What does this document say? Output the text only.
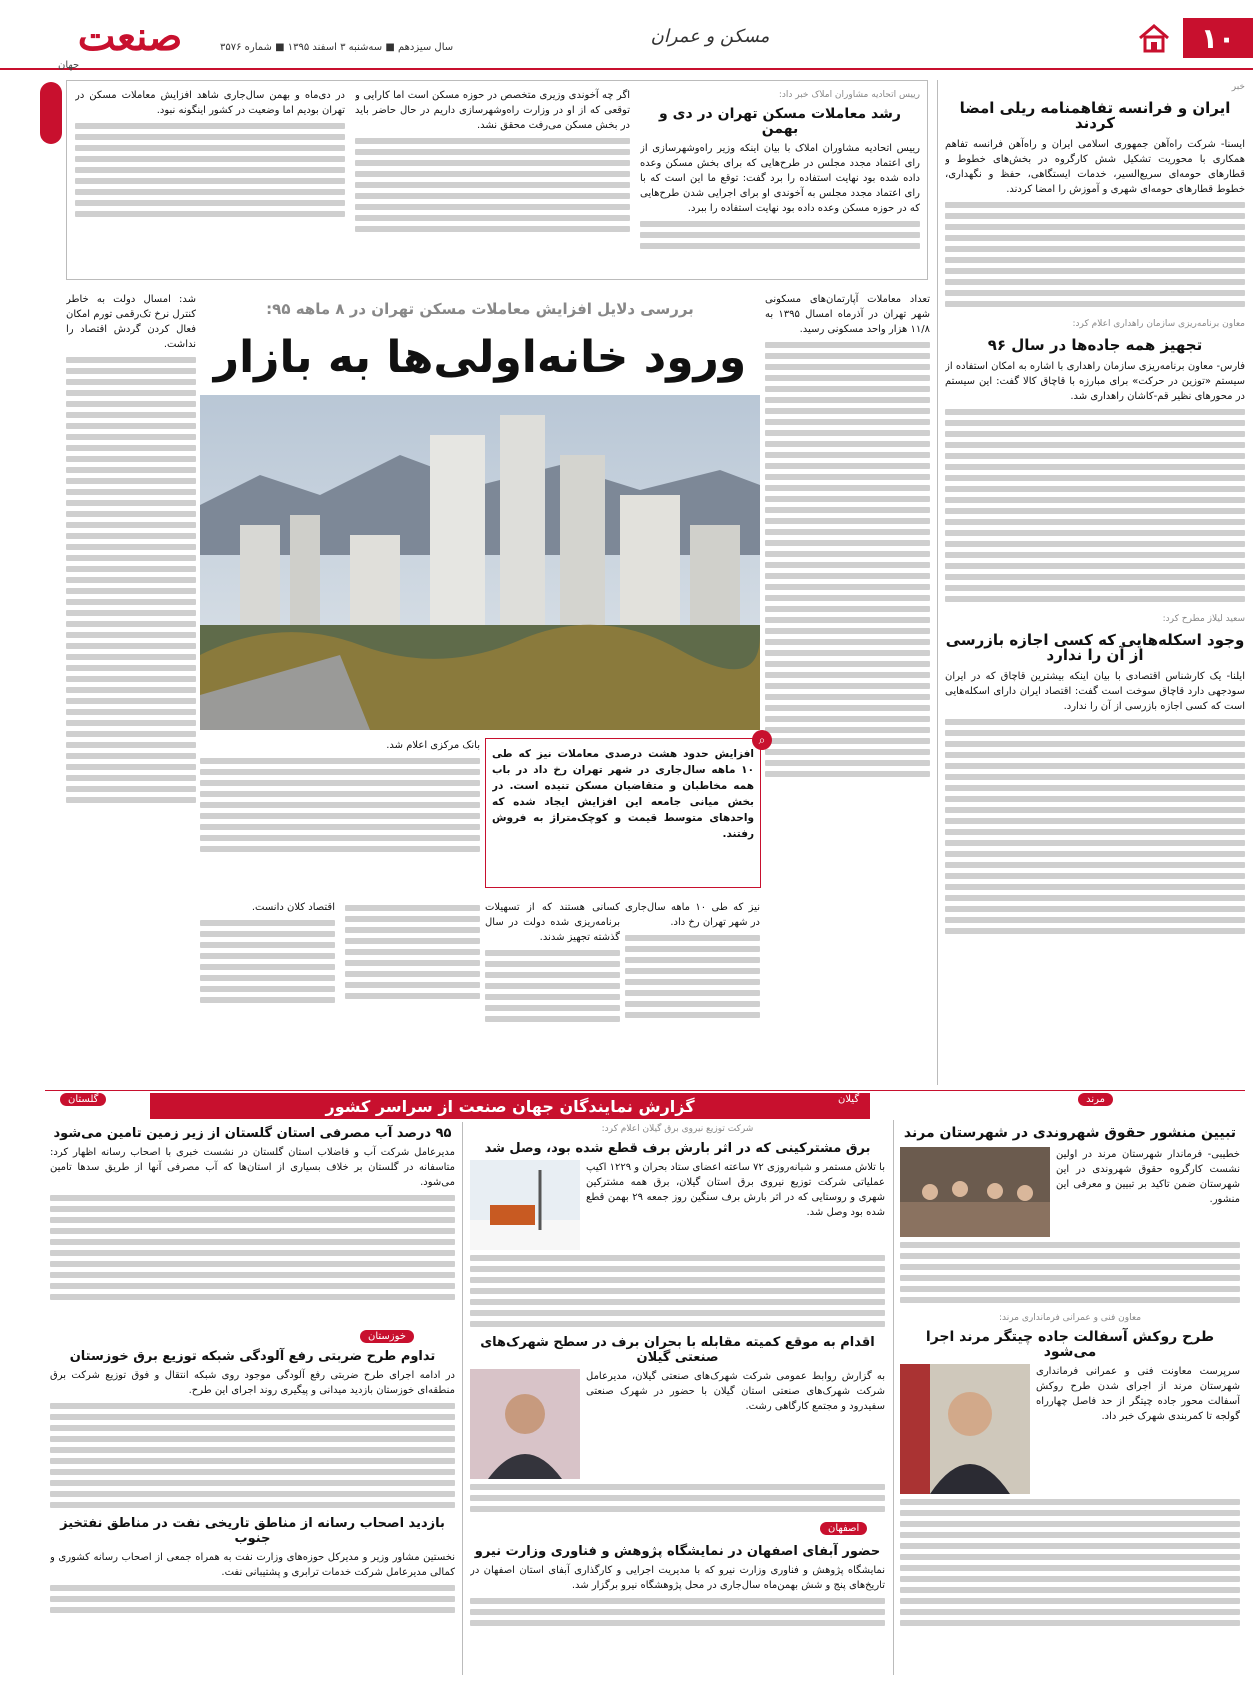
۱۰
مسکن و عمران
صنعت
جهان
سال سیزدهم ■ سه‌شنبه ۳ اسفند ۱۳۹۵ ■ شماره ۳۵۷۶
خبر
ایران و فرانسه تفاهمنامه ریلی امضا کردند
ایسنا- شرکت راه‌آهن جمهوری اسلامی ایران و راه‌آهن فرانسه تفاهم همکاری با محوریت تشکیل شش کارگروه در بخش‌های خطوط و قطارهای حومه‌ای سریع‌السیر، خدمات ایستگاهی، حفظ و نگهداری، خطوط قطارهای حومه‌ای شهری و آموزش را امضا کردند.
معاون برنامه‌ریزی سازمان راهداری اعلام کرد:
تجهیز همه جاده‌ها در سال ۹۶
فارس- معاون برنامه‌ریزی سازمان راهداری با اشاره به امکان استفاده از سیستم «توزین در حرکت» برای مبارزه با قاچاق کالا گفت: این سیستم در محورهای نظیر قم-کاشان راهداری شد.
سعید لیلاز مطرح کرد:
وجود اسکله‌هایی که کسی اجازه بازرسی از آن را ندارد
ایلنا- یک کارشناس اقتصادی با بیان اینکه بیشترین قاچاق که در ایران سودجهی دارد قاچاق سوخت است گفت: اقتصاد ایران دارای اسکله‌هایی است که کسی اجازه بازرسی از آن را ندارد.
رییس اتحادیه مشاوران املاک خبر داد:
رشد معاملات مسکن تهران در دی و بهمن
رییس اتحادیه مشاوران املاک با بیان اینکه وزیر راه‌وشهرسازی از رای اعتماد مجدد مجلس در طرح‌هایی که برای بخش مسکن وعده داده شده بود نهایت استفاده را برد گفت: توقع ما این است که با رای اعتماد مجدد مجلس به آخوندی او برای اجرایی شدن طرح‌هایی که در حوزه مسکن وعده داده بود نهایت استفاده را ببرد.
اگر چه آخوندی وزیری متخصص در حوزه مسکن است اما کارایی و توقعی که از او در وزارت راه‌وشهرسازی داریم در حال حاضر باید در بخش مسکن می‌رفت محقق نشد.
در دی‌ماه و بهمن سال‌جاری شاهد افزایش معاملات مسکن در تهران بودیم اما وضعیت در کشور اینگونه نبود.
تعداد معاملات آپارتمان‌های مسکونی شهر تهران در آذرماه امسال ۱۳۹۵ به ۱۱/۸ هزار واحد مسکونی رسید.
شد: امسال دولت به خاطر کنترل نرخ تک‌رقمی تورم امکان فعال کردن گردش اقتصاد را نداشت.
بررسی دلایل افزایش معاملات مسکن تهران در ۸ ماهه ۹۵:
ورود خانه‌اولی‌ها به بازار
افزایش حدود هشت درصدی معاملات نیز که طی ۱۰ ماهه سال‌جاری در شهر تهران رخ داد در باب همه مخاطبان و متقاضیان مسکن تنیده است. در بخش میانی جامعه این افزایش ایجاد شده که واحدهای متوسط قیمت و کوچک‌متراژ به فروش رفتند.
⌕
بانک مرکزی اعلام شد.
اقتصاد کلان دانست.	نیز که طی ۱۰ ماهه سال‌جاری در شهر تهران رخ داد.
کسانی هستند که از تسهیلات برنامه‌ریزی شده دولت در سال گذشته تجهیز شدند.
گزارش نمایندگان جهان صنعت از سراسر کشور	مرند
تبیین منشور حقوق شهروندی در شهرستان مرند
خطیبی- فرماندار شهرستان مرند در اولین نشست کارگروه حقوق شهروندی در این شهرستان ضمن تاکید بر تبیین و معرفی این منشور.
معاون فنی و عمرانی فرمانداری مرند:
طرح روکش آسفالت جاده چیتگر مرند اجرا می‌شود
سرپرست معاونت فنی و عمرانی فرمانداری شهرستان مرند از اجرای شدن طرح روکش آسفالت محور جاده چیتگر از حد فاصل چهارراه گولجه تا کمربندی شهرک خبر داد.
گیلان
شرکت توزیع نیروی برق گیلان اعلام کرد:
برق مشترکینی که در اثر بارش برف قطع شده بود، وصل شد
با تلاش مستمر و شبانه‌روزی ۷۲ ساعته اعضای ستاد بحران و ۱۲۲۹ اکیپ عملیاتی شرکت توزیع نیروی برق استان گیلان، برق همه مشترکین شهری و روستایی که در اثر بارش برف سنگین روز جمعه ۲۹ بهمن قطع شده بود وصل شد.
اقدام به موقع کمیته مقابله با بحران برف در سطح شهرک‌های صنعتی گیلان
به گزارش روابط عمومی شرکت شهرک‌های صنعتی گیلان، مدیرعامل شرکت شهرک‌های صنعتی استان گیلان با حضور در شهرک صنعتی سفیدرود و مجتمع کارگاهی رشت.
اصفهان
حضور آبفای اصفهان در نمایشگاه پژوهش و فناوری وزارت نیرو
نمایشگاه پژوهش و فناوری وزارت نیرو که با مدیریت اجرایی و کارگذاری آبفای استان اصفهان در تاریخ‌های پنج و شش بهمن‌ماه سال‌جاری در محل پژوهشگاه نیرو برگزار شد.
گلستان
۹۵ درصد آب مصرفی استان گلستان از زیر زمین تامین می‌شود
مدیرعامل شرکت آب و فاضلاب استان گلستان در نشست خبری با اصحاب رسانه اظهار کرد: متاسفانه در گلستان بر خلاف بسیاری از استان‌ها که آب مصرفی آنها از طریق سدها تامین می‌شود.
خوزستان
تداوم طرح ضربتی رفع آلودگی شبکه توزیع برق خوزستان
در ادامه اجرای طرح ضربتی رفع آلودگی موجود روی شبکه انتقال و فوق توزیع شرکت برق منطقه‌ای خوزستان بازدید میدانی و پیگیری روند اجرای این طرح.
بازدید اصحاب رسانه از مناطق تاریخی نفت در مناطق نفتخیز جنوب
نخستین مشاور وزیر و مدیرکل حوزه‌های وزارت نفت به همراه جمعی از اصحاب رسانه کشوری و کمالی مدیرعامل شرکت خدمات ترابری و پشتیبانی نفت.
